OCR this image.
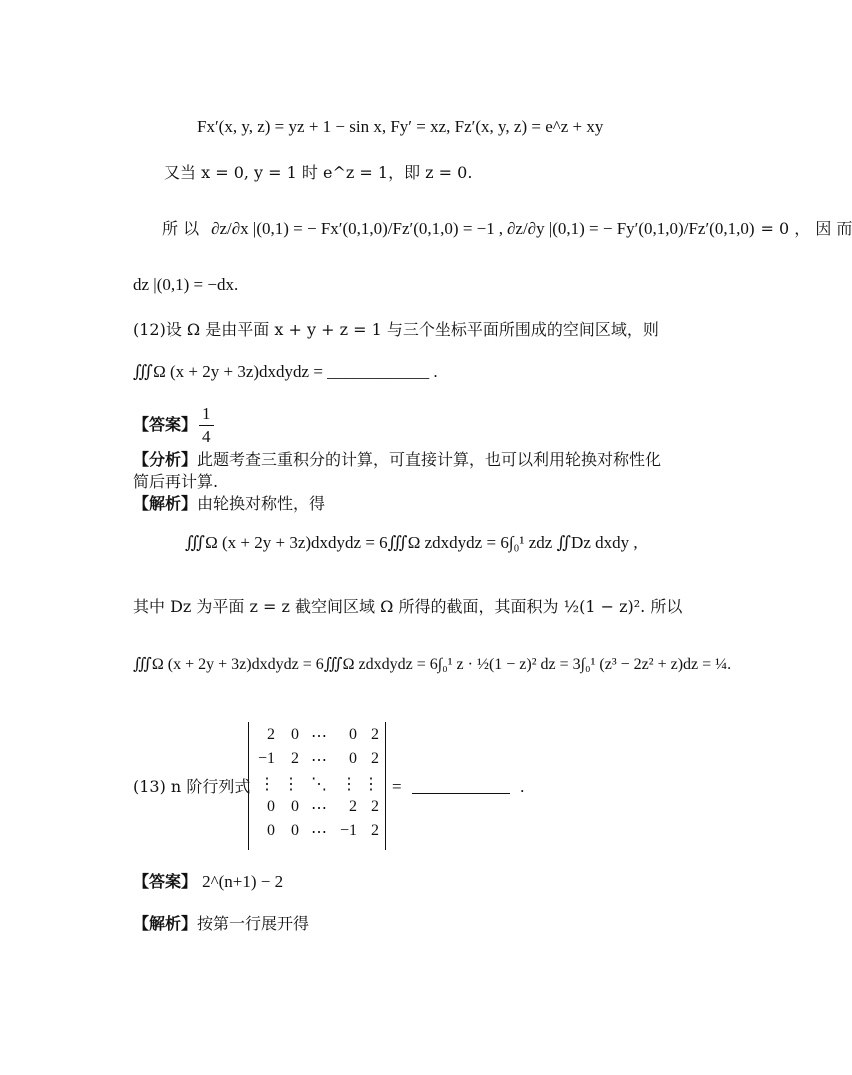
Fx′(x, y, z) = yz + 1 − sin x, Fy′ = xz, Fz′(x, y, z) = e^z + xy
又当 x = 0, y = 1 时 e^z = 1，即 z = 0.
所 以 ∂z/∂x |(0,1) = − Fx′(0,1,0)/Fz′(0,1,0) = −1 , ∂z/∂y |(0,1) = − Fy′(0,1,0)/Fz′(0,1,0) = 0 ， 因 而
dz |(0,1) = −dx.
(12)设 Ω 是由平面 x + y + z = 1 与三个坐标平面所围成的空间区域，则
∭Ω (x + 2y + 3z)dxdydz = ____________ .
【答案】 $\frac{1}{4}$
【分析】此题考查三重积分的计算，可直接计算，也可以利用轮换对称性化
简后再计算.
【解析】由轮换对称性，得
∭Ω (x + 2y + 3z)dxdydz = 6∭Ω zdxdydz = 6∫₀¹ zdz ∬Dz dxdy ,
其中 Dz 为平面 z = z 截空间区域 Ω 所得的截面，其面积为 ½(1 − z)². 所以
∭Ω (x + 2y + 3z)dxdydz = 6∭Ω zdxdydz = 6∫₀¹ z · ½(1 − z)² dz = 3∫₀¹ (z³ − 2z² + z)dz = ¼.
(13) n 阶行列式
2	0 ⋯	0 2
−1	2 ⋯	0 2
⋮ ⋮ ⋱ ⋮ ⋮
0	0 ⋯	2 2
0	0 ⋯ −1 2
=	.
【答案】 2^(n+1) − 2
【解析】按第一行展开得
